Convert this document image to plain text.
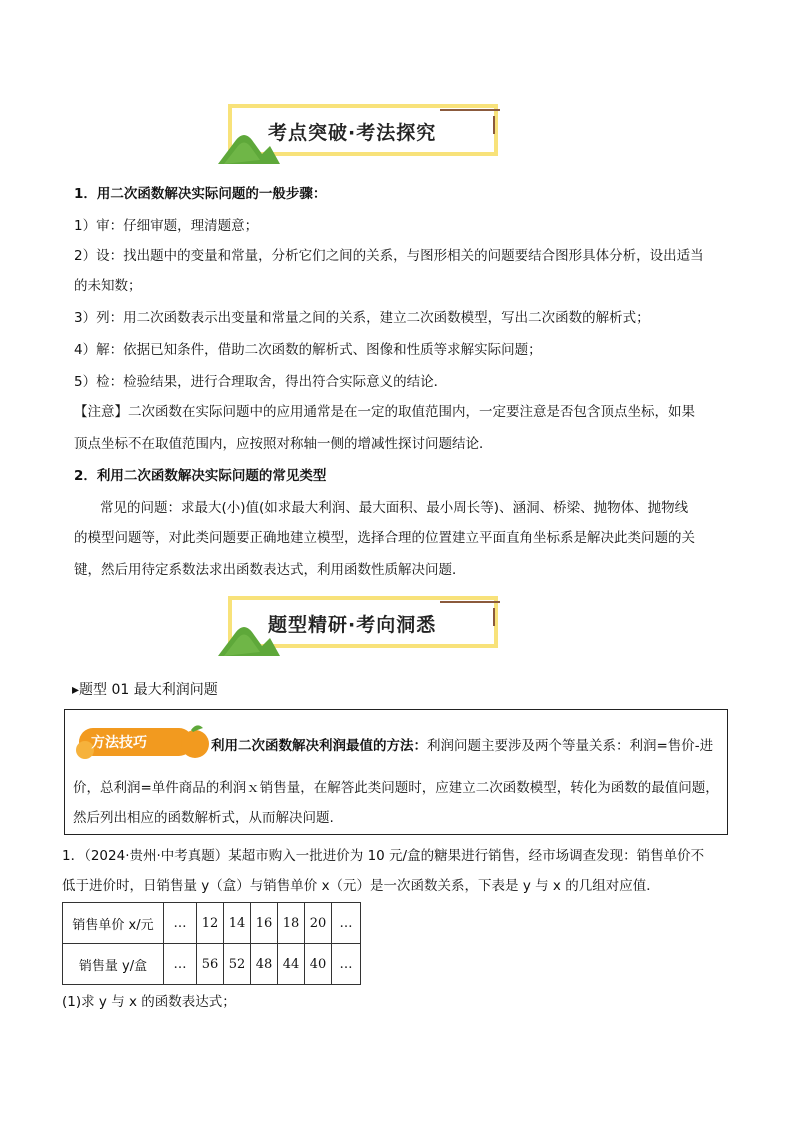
考点突破·考法探究
1．用二次函数解决实际问题的一般步骤：
1）审：仔细审题，理清题意；
2）设：找出题中的变量和常量，分析它们之间的关系，与图形相关的问题要结合图形具体分析，设出适当
的未知数；
3）列：用二次函数表示出变量和常量之间的关系，建立二次函数模型，写出二次函数的解析式；
4）解：依据已知条件，借助二次函数的解析式、图像和性质等求解实际问题；
5）检：检验结果，进行合理取舍，得出符合实际意义的结论．
【注意】二次函数在实际问题中的应用通常是在一定的取值范围内，一定要注意是否包含顶点坐标，如果
顶点坐标不在取值范围内，应按照对称轴一侧的增减性探讨问题结论．
2．利用二次函数解决实际问题的常见类型
常见的问题：求最大(小)值(如求最大利润、最大面积、最小周长等)、涵洞、桥梁、抛物体、抛物线
的模型问题等，对此类问题要正确地建立模型，选择合理的位置建立平面直角坐标系是解决此类问题的关
键，然后用待定系数法求出函数表达式，利用函数性质解决问题．
题型精研·考向洞悉
▸题型 01 最大利润问题
方法技巧	利用二次函数解决利润最值的方法：利润问题主要涉及两个等量关系：利润=售价-进
价，总利润=单件商品的利润ｘ销售量，在解答此类问题时，应建立二次函数模型，转化为函数的最值问题，
然后列出相应的函数解析式，从而解决问题.
1．（2024·贵州·中考真题）某超市购入一批进价为 10 元/盒的糖果进行销售，经市场调查发现：销售单价不
低于进价时，日销售量 y（盒）与销售单价 x（元）是一次函数关系，下表是 y 与 x 的几组对应值．
销售单价 x/元	…	12	14	16	18	20	…
销售量 y/盒	…	56	52	48	44	40	…
(1)求 y 与 x 的函数表达式；
